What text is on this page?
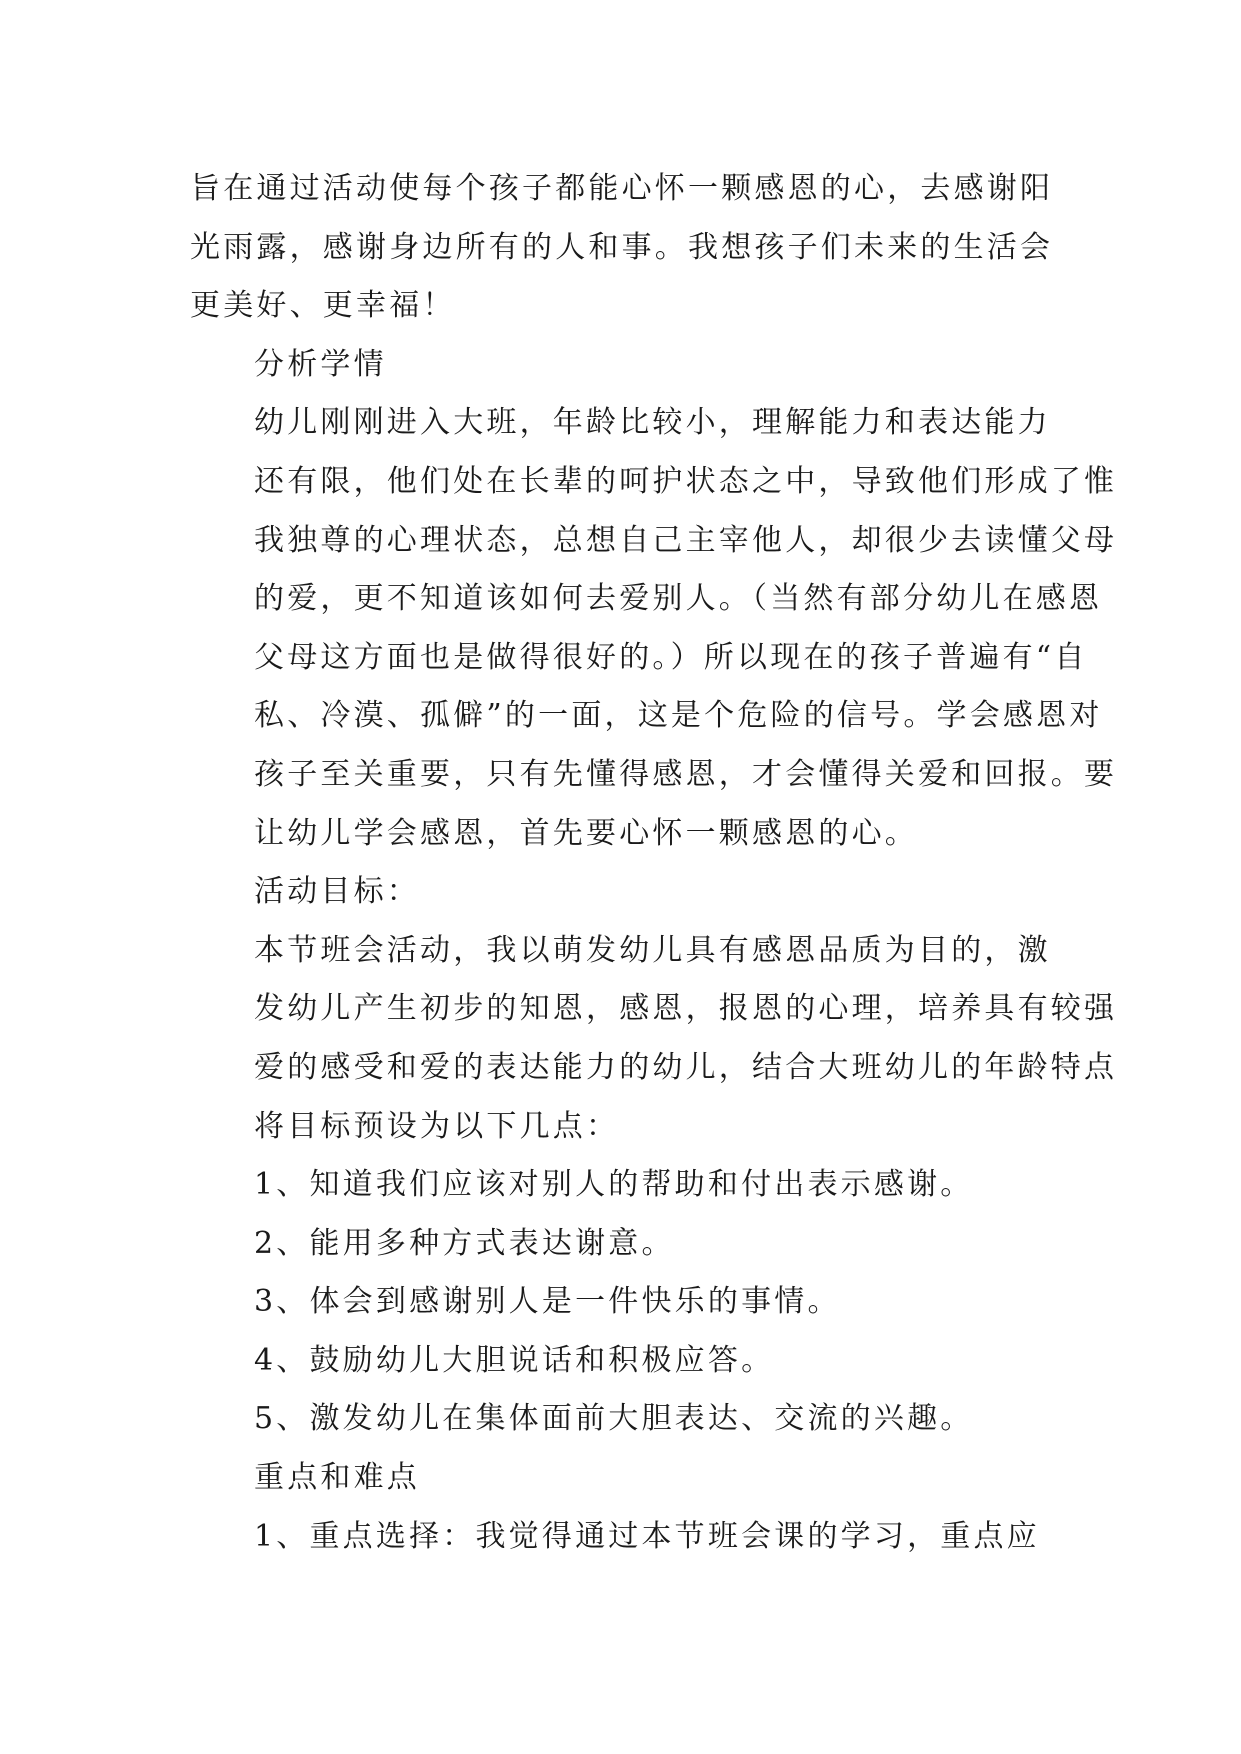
旨在通过活动使每个孩子都能心怀一颗感恩的心，去感谢阳
光雨露，感谢身边所有的人和事。我想孩子们未来的生活会
更美好、更幸福！

分析学情

幼儿刚刚进入大班，年龄比较小，理解能力和表达能力
还有限，他们处在长辈的呵护状态之中，导致他们形成了惟
我独尊的心理状态，总想自己主宰他人，却很少去读懂父母
的爱，更不知道该如何去爱别人。（当然有部分幼儿在感恩
父母这方面也是做得很好的。）所以现在的孩子普遍有“自
私、冷漠、孤僻”的一面，这是个危险的信号。学会感恩对
孩子至关重要，只有先懂得感恩，才会懂得关爱和回报。要
让幼儿学会感恩，首先要心怀一颗感恩的心。

活动目标：

本节班会活动，我以萌发幼儿具有感恩品质为目的，激
发幼儿产生初步的知恩，感恩，报恩的心理，培养具有较强
爱的感受和爱的表达能力的幼儿，结合大班幼儿的年龄特点
将目标预设为以下几点：

1、知道我们应该对别人的帮助和付出表示感谢。

2、能用多种方式表达谢意。

3、体会到感谢别人是一件快乐的事情。

4、鼓励幼儿大胆说话和积极应答。

5、激发幼儿在集体面前大胆表达、交流的兴趣。

重点和难点

1、重点选择：我觉得通过本节班会课的学习，重点应
